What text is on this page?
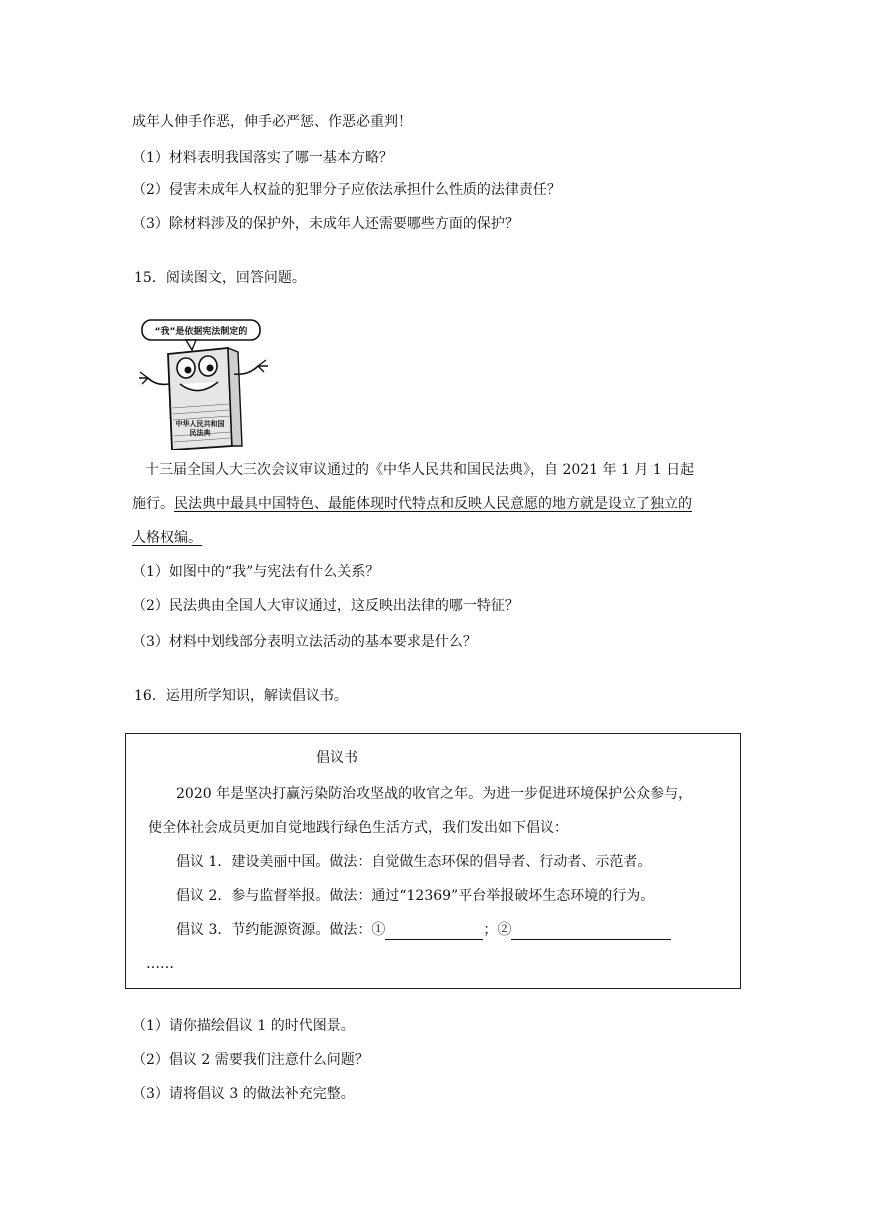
成年人伸手作恶，伸手必严惩、作恶必重判！
（1）材料表明我国落实了哪一基本方略？
（2）侵害未成年人权益的犯罪分子应依法承担什么性质的法律责任？
（3）除材料涉及的保护外，未成年人还需要哪些方面的保护？
15．阅读图文，回答问题。
“我”是依据宪法制定的
中华人民共和国
民法典
十三届全国人大三次会议审议通过的《中华人民共和国民法典》，自 2021 年 1 月 1 日起
施行。民法典中最具中国特色、最能体现时代特点和反映人民意愿的地方就是设立了独立的
人格权编。
（1）如图中的“我”与宪法有什么关系？
（2）民法典由全国人大审议通过，这反映出法律的哪一特征？
（3）材料中划线部分表明立法活动的基本要求是什么？
16．运用所学知识，解读倡议书。
倡议书
2020 年是坚决打赢污染防治攻坚战的收官之年。为进一步促进环境保护公众参与，
使全体社会成员更加自觉地践行绿色生活方式，我们发出如下倡议：
倡议 1．建设美丽中国。做法：自觉做生态环保的倡导者、行动者、示范者。
倡议 2．参与监督举报。做法：通过“12369”平台举报破坏生态环境的行为。
倡议 3．节约能源资源。做法：①	；②
……
（1）请你描绘倡议 1 的时代图景。
（2）倡议 2 需要我们注意什么问题？
（3）请将倡议 3 的做法补充完整。
